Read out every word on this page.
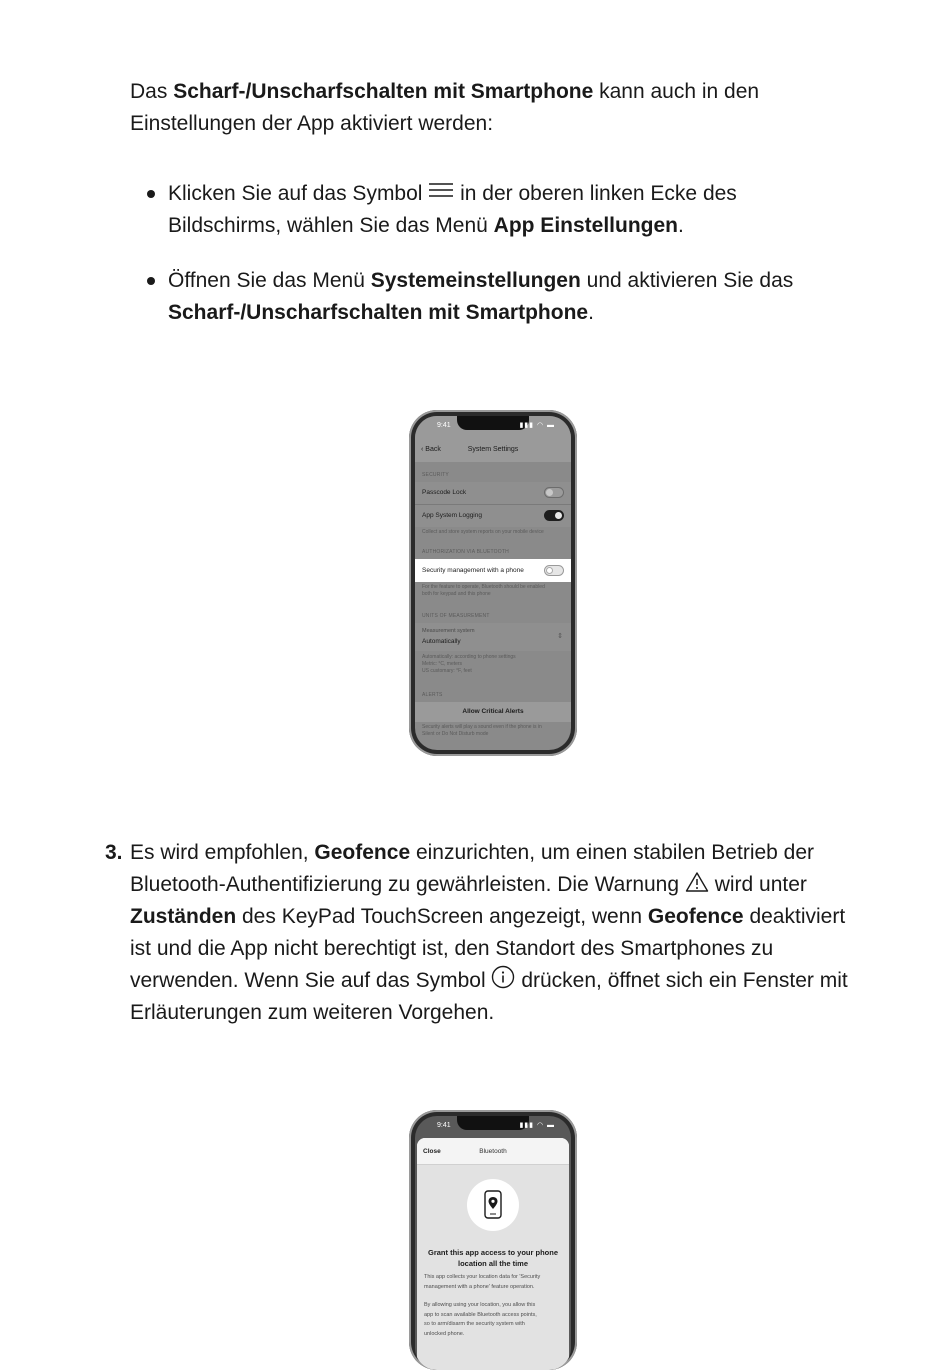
Das Scharf-/Unscharfschalten mit Smartphone kann auch in den
Einstellungen der App aktiviert werden:
Klicken Sie auf das Symbol  in der oberen linken Ecke des
Bildschirms, wählen Sie das Menü App Einstellungen.
Öffnen Sie das Menü Systemeinstellungen und aktivieren Sie das
Scharf-/Unscharfschalten mit Smartphone.
9:41	▮▮▮ ◠ ▬
‹ Back	System Settings
SECURITY
Passcode Lock
App System Logging
Collect and store system reports on your mobile device
AUTHORIZATION VIA BLUETOOTH
Security management with a phone
For the feature to operate, Bluetooth should be enabled
both for keypad and this phone
UNITS OF MEASUREMENT
Measurement system
Automatically
⇕
Automatically: according to phone settings
Metric: °C, meters
US customary: °F, feet
ALERTS
Allow Critical Alerts
Security alerts will play a sound even if the phone is in
Silent or Do Not Disturb mode
3. Es wird empfohlen, Geofence einzurichten, um einen stabilen Betrieb der
Bluetooth-Authentifizierung zu gewährleisten. Die Warnung  wird unter
Zuständen des KeyPad TouchScreen angezeigt, wenn Geofence deaktiviert
ist und die App nicht berechtigt ist, den Standort des Smartphones zu
verwenden. Wenn Sie auf das Symbol  drücken, öffnet sich ein Fenster mit
Erläuterungen zum weiteren Vorgehen.
9:41	▮▮▮ ◠ ▬
Close	Bluetooth
Grant this app access to your phone
location all the time
This app collects your location data for 'Security
management with a phone' feature operation.
By allowing using your location, you allow this
app to scan available Bluetooth access points,
so to arm/disarm the security system with
unlocked phone.
